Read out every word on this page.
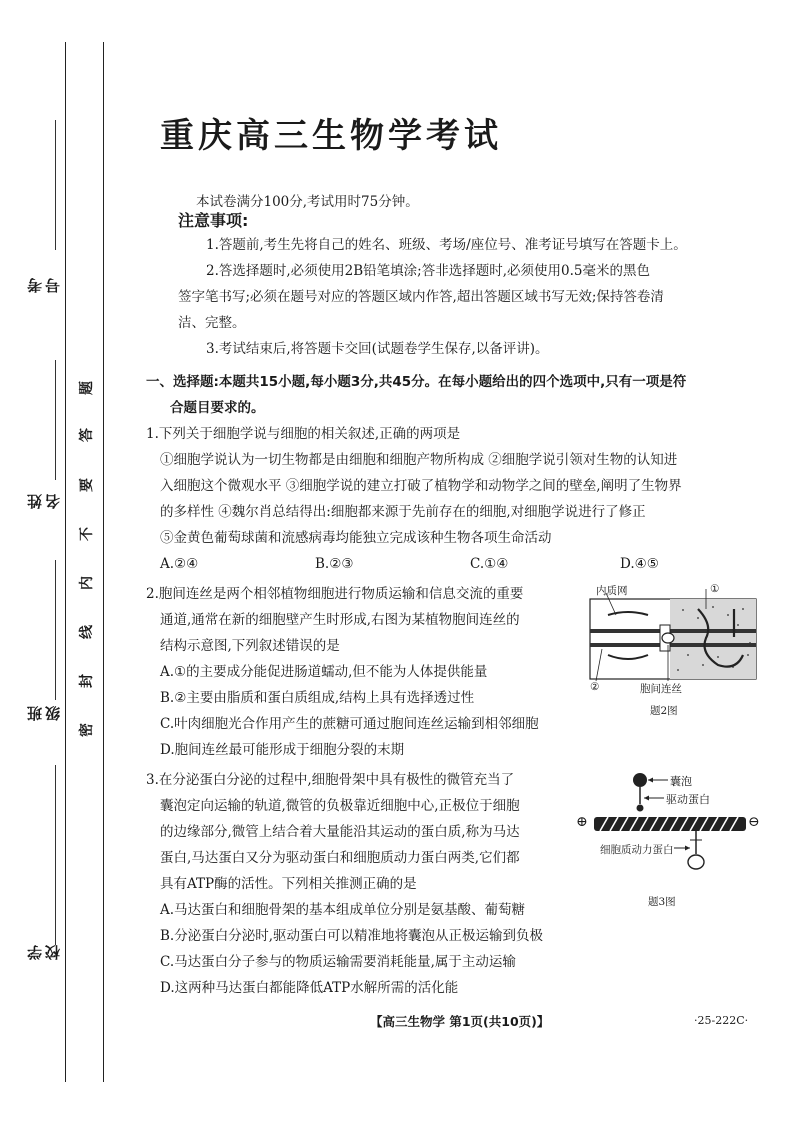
考号
姓名
班级
学校
题
答
要
不
内
线
封
密
重庆高三生物学考试
本试卷满分100分,考试用时75分钟。
注意事项:
1.答题前,考生先将自己的姓名、班级、考场/座位号、准考证号填写在答题卡上。
2.答选择题时,必须使用2B铅笔填涂;答非选择题时,必须使用0.5毫米的黑色
签字笔书写;必须在题号对应的答题区域内作答,超出答题区域书写无效;保持答卷清
洁、完整。
3.考试结束后,将答题卡交回(试题卷学生保存,以备评讲)。
一、选择题:本题共15小题,每小题3分,共45分。在每小题给出的四个选项中,只有一项是符
合题目要求的。
1.下列关于细胞学说与细胞的相关叙述,正确的两项是
①细胞学说认为一切生物都是由细胞和细胞产物所构成 ②细胞学说引领对生物的认知进
入细胞这个微观水平 ③细胞学说的建立打破了植物学和动物学之间的壁垒,阐明了生物界
的多样性 ④魏尔肖总结得出:细胞都来源于先前存在的细胞,对细胞学说进行了修正
⑤金黄色葡萄球菌和流感病毒均能独立完成该种生物各项生命活动
A.②④	B.②③	C.①④	D.④⑤
2.胞间连丝是两个相邻植物细胞进行物质运输和信息交流的重要
通道,通常在新的细胞壁产生时形成,右图为某植物胞间连丝的
结构示意图,下列叙述错误的是
A.①的主要成分能促进肠道蠕动,但不能为人体提供能量
B.②主要由脂质和蛋白质组成,结构上具有选择透过性
C.叶肉细胞光合作用产生的蔗糖可通过胞间连丝运输到相邻细胞
D.胞间连丝最可能形成于细胞分裂的末期
内质网	①
②	胞间连丝
题2图
3.在分泌蛋白分泌的过程中,细胞骨架中具有极性的微管充当了
囊泡定向运输的轨道,微管的负极靠近细胞中心,正极位于细胞
的边缘部分,微管上结合着大量能沿其运动的蛋白质,称为马达
蛋白,马达蛋白又分为驱动蛋白和细胞质动力蛋白两类,它们都
具有ATP酶的活性。下列相关推测正确的是
A.马达蛋白和细胞骨架的基本组成单位分别是氨基酸、葡萄糖
B.分泌蛋白分泌时,驱动蛋白可以精准地将囊泡从正极运输到负极
C.马达蛋白分子参与的物质运输需要消耗能量,属于主动运输
D.这两种马达蛋白都能降低ATP水解所需的活化能
囊泡
驱动蛋白
⊕	⊖
细胞质动力蛋白
题3图
【高三生物学 第1页(共10页)】	·25-222C·
